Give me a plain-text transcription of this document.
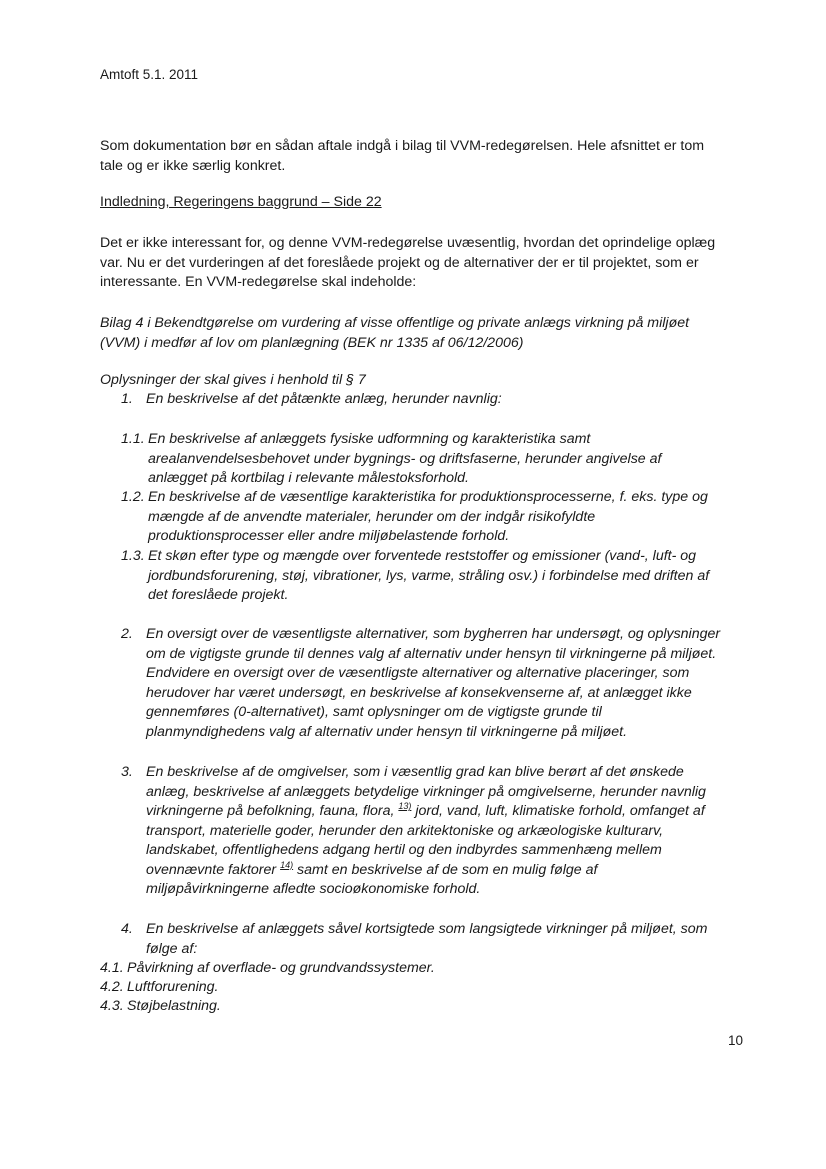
Amtoft 5.1. 2011
Som dokumentation bør en sådan aftale indgå i bilag til VVM-redegørelsen. Hele afsnittet er tom
tale og er ikke særlig konkret.
Indledning, Regeringens baggrund – Side 22
Det er ikke interessant for, og denne VVM-redegørelse uvæsentlig, hvordan det oprindelige oplæg
var. Nu er det vurderingen af det foreslåede projekt og de alternativer der er til projektet, som er
interessante. En VVM-redegørelse skal indeholde:
Bilag 4 i Bekendtgørelse om vurdering af visse offentlige og private anlægs virkning på miljøet
(VVM) i medfør af lov om planlægning (BEK nr 1335 af 06/12/2006)
Oplysninger der skal gives i henhold til § 7
1. En beskrivelse af det påtænkte anlæg, herunder navnlig:
1.1. En beskrivelse af anlæggets fysiske udformning og karakteristika samt
arealanvendelsesbehovet under bygnings- og driftsfaserne, herunder angivelse af
anlægget på kortbilag i relevante målestoksforhold.
1.2. En beskrivelse af de væsentlige karakteristika for produktionsprocesserne, f. eks. type og
mængde af de anvendte materialer, herunder om der indgår risikofyldte
produktionsprocesser eller andre miljøbelastende forhold.
1.3. Et skøn efter type og mængde over forventede reststoffer og emissioner (vand-, luft- og
jordbundsforurening, støj, vibrationer, lys, varme, stråling osv.) i forbindelse med driften af
det foreslåede projekt.
2. En oversigt over de væsentligste alternativer, som bygherren har undersøgt, og oplysninger
om de vigtigste grunde til dennes valg af alternativ under hensyn til virkningerne på miljøet.
Endvidere en oversigt over de væsentligste alternativer og alternative placeringer, som
herudover har været undersøgt, en beskrivelse af konsekvenserne af, at anlægget ikke
gennemføres (0-alternativet), samt oplysninger om de vigtigste grunde til
planmyndighedens valg af alternativ under hensyn til virkningerne på miljøet.
3. En beskrivelse af de omgivelser, som i væsentlig grad kan blive berørt af det ønskede
anlæg, beskrivelse af anlæggets betydelige virkninger på omgivelserne, herunder navnlig
virkningerne på befolkning, fauna, flora, $^{13)}$ jord, vand, luft, klimatiske forhold, omfanget af
transport, materielle goder, herunder den arkitektoniske og arkæologiske kulturarv,
landskabet, offentlighedens adgang hertil og den indbyrdes sammenhæng mellem
ovennævnte faktorer $^{14)}$ samt en beskrivelse af de som en mulig følge af
miljøpåvirkningerne afledte socioøkonomiske forhold.
4. En beskrivelse af anlæggets såvel kortsigtede som langsigtede virkninger på miljøet, som
følge af:
4.1. Påvirkning af overflade- og grundvandssystemer.
4.2. Luftforurening.
4.3. Støjbelastning.
10
